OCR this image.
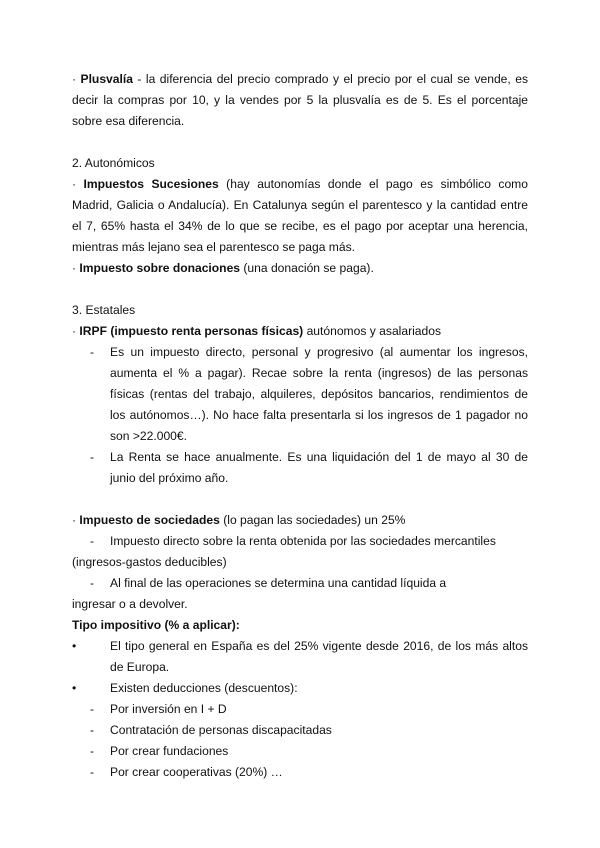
· Plusvalía - la diferencia del precio comprado y el precio por el cual se vende, es decir la compras por 10, y la vendes por 5 la plusvalía es de 5. Es el porcentaje sobre esa diferencia.

2. Autonómicos

· Impuestos Sucesiones (hay autonomías donde el pago es simbólico como Madrid, Galicia o Andalucía). En Catalunya según el parentesco y la cantidad entre el 7, 65% hasta el 34% de lo que se recibe, es el pago por aceptar una herencia, mientras más lejano sea el parentesco se paga más.

· Impuesto sobre donaciones (una donación se paga).

3. Estatales

· IRPF (impuesto renta personas físicas) autónomos y asalariados

- Es un impuesto directo, personal y progresivo (al aumentar los ingresos, aumenta el % a pagar). Recae sobre la renta (ingresos) de las personas físicas (rentas del trabajo, alquileres, depósitos bancarios, rendimientos de los autónomos…). No hace falta presentarla si los ingresos de 1 pagador no son >22.000€.

- La Renta se hace anualmente. Es una liquidación del 1 de mayo al 30 de junio del próximo año.

· Impuesto de sociedades (lo pagan las sociedades) un 25%

- Impuesto directo sobre la renta obtenida por las sociedades mercantiles

(ingresos-gastos deducibles)

- Al final de las operaciones se determina una cantidad líquida a

ingresar o a devolver.

Tipo impositivo (% a aplicar):

•	El tipo general en España es del 25% vigente desde 2016, de los más altos de Europa.

•	Existen deducciones (descuentos):

- Por inversión en I + D

- Contratación de personas discapacitadas

- Por crear fundaciones

- Por crear cooperativas (20%) …
